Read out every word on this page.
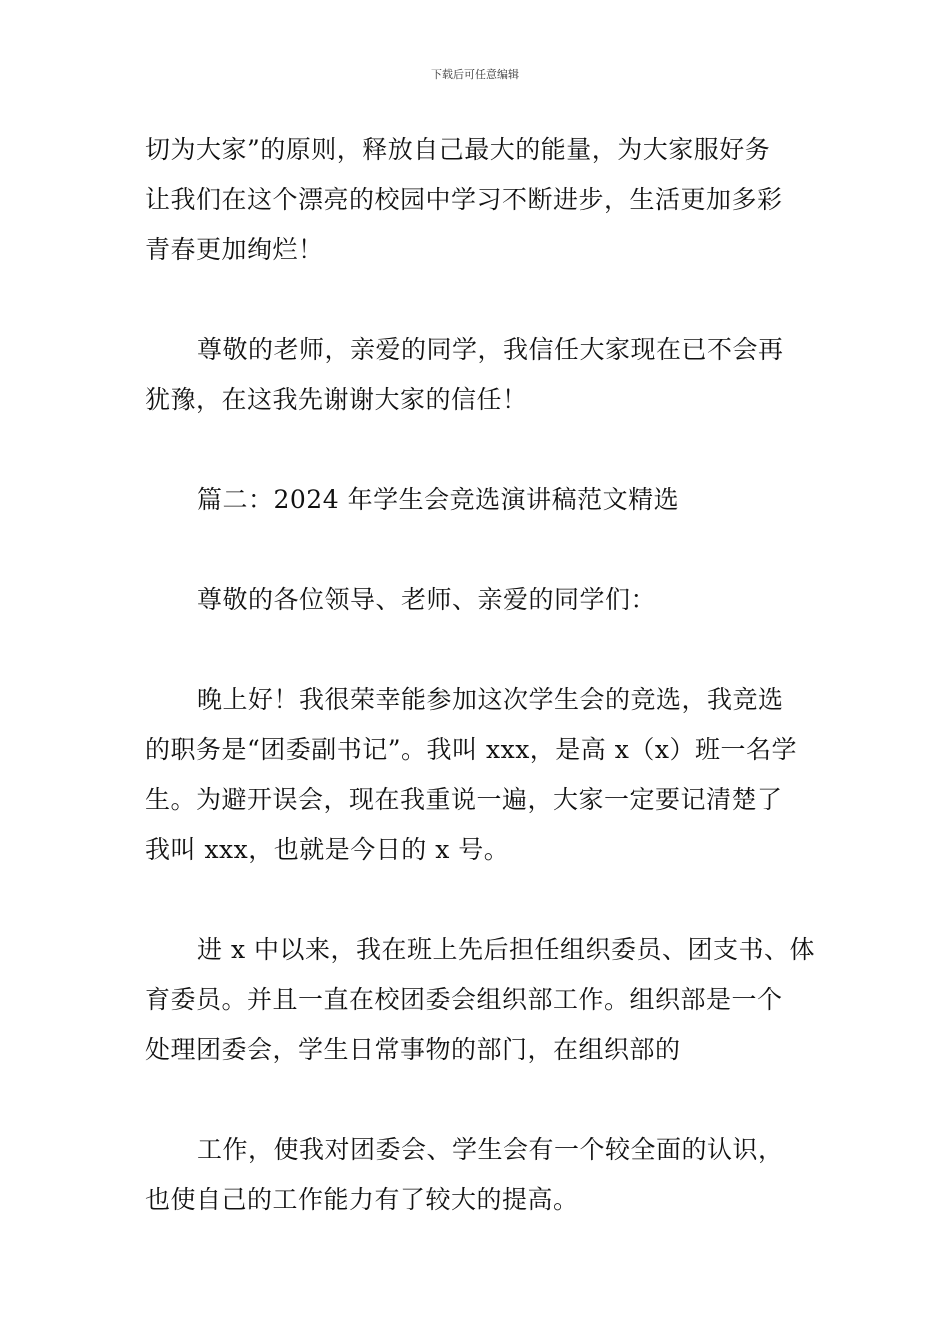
下载后可任意编辑
切为大家”的原则，释放自己最大的能量，为大家服好务
让我们在这个漂亮的校园中学习不断进步，生活更加多彩
青春更加绚烂！
尊敬的老师，亲爱的同学，我信任大家现在已不会再
犹豫，在这我先谢谢大家的信任！
篇二：2024 年学生会竞选演讲稿范文精选
尊敬的各位领导、老师、亲爱的同学们：
晚上好！我很荣幸能参加这次学生会的竞选，我竞选
的职务是“团委副书记”。我叫 xxx，是高 x（x）班一名学
生。为避开误会，现在我重说一遍，大家一定要记清楚了
我叫 xxx，也就是今日的 x 号。
进 x 中以来，我在班上先后担任组织委员、团支书、体
育委员。并且一直在校团委会组织部工作。组织部是一个
处理团委会，学生日常事物的部门，在组织部的
工作，使我对团委会、学生会有一个较全面的认识，
也使自己的工作能力有了较大的提高。
